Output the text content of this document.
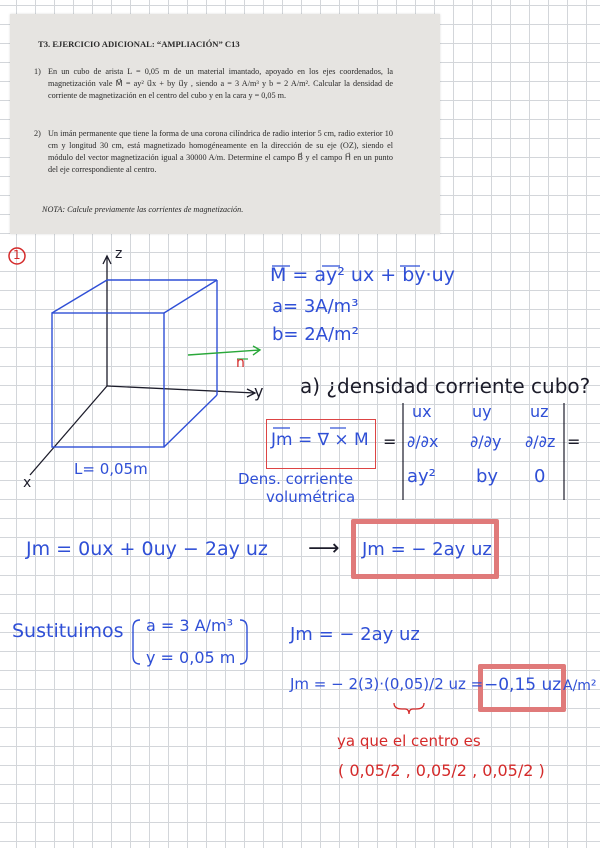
T3. EJERCICIO ADICIONAL: “AMPLIACIÓN” C13
1) En un cubo de arista L = 0,05 m de un material imantado, apoyado en los ejes coordenados, la magnetización vale M⃗ = ay² u⃗x + by u⃗y , siendo a = 3 A/m³ y b = 2 A/m². Calcular la densidad de corriente de magnetización en el centro del cubo y en la cara y = 0,05 m.
2) Un imán permanente que tiene la forma de una corona cilíndrica de radio interior 5 cm, radio exterior 10 cm y longitud 30 cm, está magnetizado homogéneamente en la dirección de su eje (OZ), siendo el módulo del vector magnetización igual a 30000 A/m. Determine el campo B⃗ y el campo H⃗ en un punto del eje correspondiente al centro.
NOTA: Calcule previamente las corrientes de magnetización.
1	z
y
x
n
L= 0,05m
M = ay² ux + by·uy
a= 3A/m³
b= 2A/m²
a) ¿densidad corriente cubo?
Jm = ∇ × M =
ux	uy uz
∂/∂x ∂/∂y ∂/∂z
ay² by 0
=
Dens. corriente
volumétrica
Jm = 0ux + 0uy − 2ay uz ⟶ Jm = − 2ay uz
Sustituimos a = 3 A/m³
y = 0,05 m
Jm = − 2ay uz
Jm = − 2(3)·(0,05)/2 uz = −0,15 uz A/m²
ya que el centro es
( 0,05/2 , 0,05/2 , 0,05/2 )
